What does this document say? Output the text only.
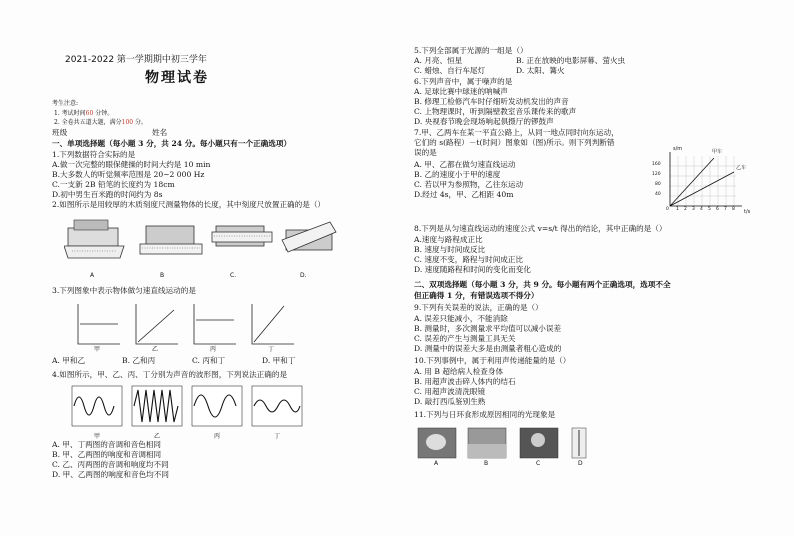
2021-2022 第一学期期中初三学年
物理试卷
考生注意:
1. 考试时间60 分钟。
2. 全卷共五道大题，满分100 分。
班级	姓名
一、单项选择题（每小题 3 分，共 24 分。每小题只有一个正确选项）
1.下列数据符合实际的是
A.做一次完整的眼保健操的时间大约是 10 min
B.大多数人的听觉频率范围是 20~2 000 Hz
C.一支新 2B 铅笔的长度约为 18cm
D.初中男生百米跑的时间约为 8s
2.如图所示是用较厚的木质刻度尺测量物体的长度，其中刻度尺放置正确的是（）
A	B	C.	D.
3.下列图象中表示物体做匀速直线运动的是
甲	乙	丙	丁
A. 甲和乙	B. 乙和丙	C. 丙和丁	D. 甲和丁
4.如图所示，甲、乙、丙、丁分别为声音的波形图，下列说法正确的是
甲	乙	丙	丁
A. 甲、丁两图的音调和音色相同
B. 甲、乙两图的响度和音调相同
C. 乙、丙两图的音调和响度均不同
D. 甲、乙两图的响度和音色均不同
5.下列全部属于光源的一组是（）
A. 月亮、恒星	B. 正在放映的电影屏幕、萤火虫
C. 蜡烛、自行车尾灯	D. 太阳、篝火
6.下列声音中，属于噪声的是
A. 足球比赛中球迷的呐喊声
B. 修理工检修汽车时仔细听发动机发出的声音
C. 上物理课时，听到隔壁教室音乐课传来的歌声
D. 央视春节晚会现场响起俱摄厅的锣鼓声
7.甲、乙两车在某一平直公路上，从同一地点同时向东运动，
它们的 s(路程）－t(时间）图象如（图)所示。则下列判断错
误的是
A. 甲、乙都在做匀速直线运动
B. 乙的速度小于甲的速度
C. 若以甲为参照物，乙往东运动
D.经过 4s，甲、乙相距 40m
s/m
t/s
甲车
乙车
160
120
80
40
0 1 2 3 4 5 6 7 8
8.下列是从匀速直线运动的速度公式 v=s/t 得出的结论，其中正确的是（）
A.速度与路程成正比
B. 速度与时间成反比
C. 速度不变，路程与时间成正比
D. 速度随路程和时间的变化而变化
二、双项选择题（每小题 3 分，共 9 分。每小题有两个正确选项，选项不全
但正确得 1 分，有错误选项不得分）
9.下列有关误差的说法，正确的是（）
A. 误差只能减小，不能消除
B. 测量时，多次测量求平均值可以减小误差
C. 误差的产生与测量工具无关
D. 测量中的误差大多是由测量者粗心造成的
10.下列事例中，属于利用声传递能量的是（）
A. 用 B 超给病人检查身体
B. 用超声波击碎人体内的结石
C. 用超声波清洗眼镜
D. 敲打西瓜鉴别生熟
11.下列与日环食形成原因相同的光现象是
A	B	C	D
